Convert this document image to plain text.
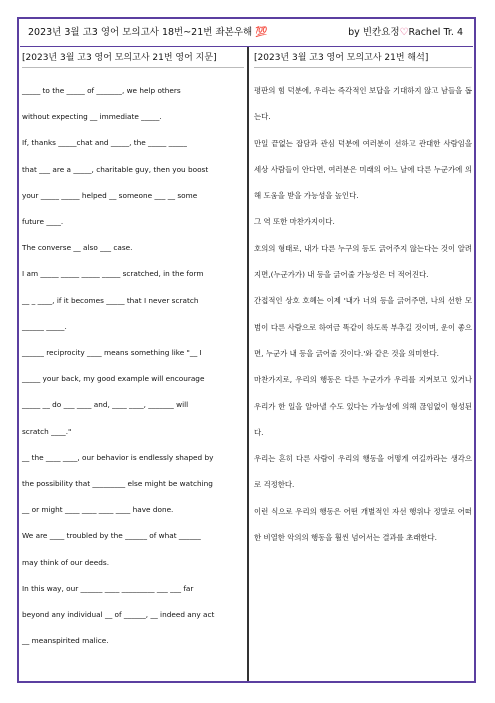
2023년 3월 고3 영어 모의고사 18번~21번 좌본우해 💯	by 빈칸요정♡Rachel Tr. 4
[2023년 3월 고3 영어 모의고사 21번 영어 지문]

_____ to the _____ of _______, we help others

without expecting __ immediate _____.

If, thanks _____chat and _____, the _____ _____

that ___ are a _____, charitable guy, then you boost

your _____ _____ helped __ someone ___ __ some

future ____.

The converse __ also ___ case.

I am _____ _____ _____ _____ scratched, in the form

__ _ ____, if it becomes _____ that I never scratch

______ _____.

______ reciprocity ____ means something like "__ I

_____ your back, my good example will encourage

_____ __ do ___ ____ and, ____ ____, _______ will

scratch ____."

__ the ____ ____, our behavior is endlessly shaped by

the possibility that _________ else might be watching

__ or might ____ ____ ____ ____ have done.

We are ____ troubled by the ______ of what ______

may think of our deeds.

In this way, our ______ ____ _________ ___ ___ far

beyond any individual __ of ______, __ indeed any act

__ meanspirited malice.

[2023년 3월 고3 영어 모의고사 21번 해석]

평판의 힘 덕분에, 우리는 즉각적인 보답을 기대하지 않고 남들을 돕는다.

만일 끝없는 잡담과 관심 덕분에 여러분이 선하고 관대한 사람임을 세상 사람들이 안다면, 여러분은 미래의 어느 날에 다른 누군가에 의해 도움을 받을 가능성을 높인다.

그 역 또한 마찬가지이다.

호의의 형태로, 내가 다른 누구의 등도 긁어주지 않는다는 것이 알려지면,(누군가가) 내 등을 긁어줄 가능성은 더 적어진다.

간접적인 상호 호혜는 이제 '내가 너의 등을 긁어주면, 나의 선한 모범이 다른 사람으로 하여금 똑같이 하도록 부추길 것이며, 운이 좋으면, 누군가 내 등을 긁어줄 것이다.'와 같은 것을 의미한다.

마찬가지로, 우리의 행동은 다른 누군가가 우리를 지켜보고 있거나 우리가 한 일을 알아낼 수도 있다는 가능성에 의해 끊임없이 형성된다.

우리는 흔히 다른 사람이 우리의 행동을 어떻게 여길까라는 생각으로 걱정한다.

이런 식으로 우리의 행동은 어떤 개별적인 자선 행위나 정말로 어떠한 비열한 악의의 행동을 훨씬 넘어서는 결과를 초래한다.
